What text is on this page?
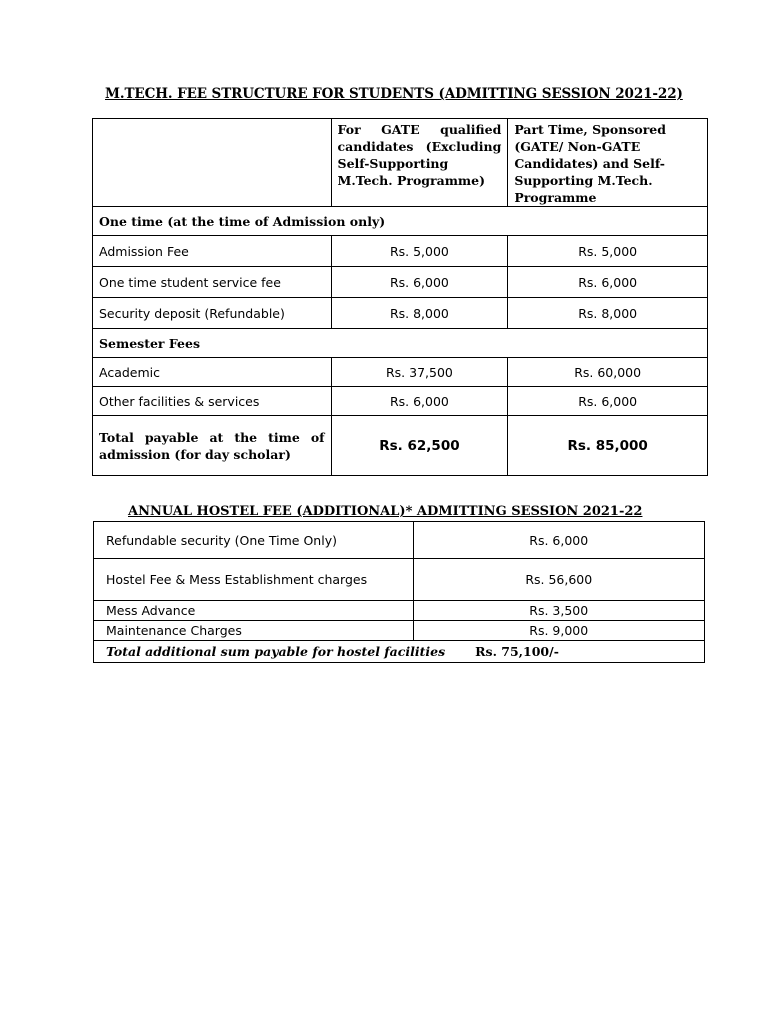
M.TECH. FEE STRUCTURE FOR STUDENTS (ADMITTING SESSION 2021-22)
	For GATE qualified candidates (Excluding Self-Supporting M.Tech. Programme)	Part Time, Sponsored (GATE/ Non-GATE Candidates) and Self-Supporting M.Tech. Programme
One time (at the time of Admission only)		
Admission Fee	Rs. 5,000	Rs. 5,000
One time student service fee	Rs. 6,000	Rs. 6,000
Security deposit (Refundable)	Rs. 8,000	Rs. 8,000
Semester Fees		
Academic	Rs. 37,500	Rs. 60,000
Other facilities & services	Rs. 6,000	Rs. 6,000
Total payable at the time of admission (for day scholar)	Rs. 62,500	Rs. 85,000
ANNUAL HOSTEL FEE (ADDITIONAL)* ADMITTING SESSION 2021-22
Refundable security (One Time Only)	Rs. 6,000
Hostel Fee & Mess Establishment charges	Rs. 56,600
Mess Advance	Rs. 3,500
Maintenance Charges	Rs. 9,000
Total additional sum payable for hostel facilities Rs. 75,100/-	
